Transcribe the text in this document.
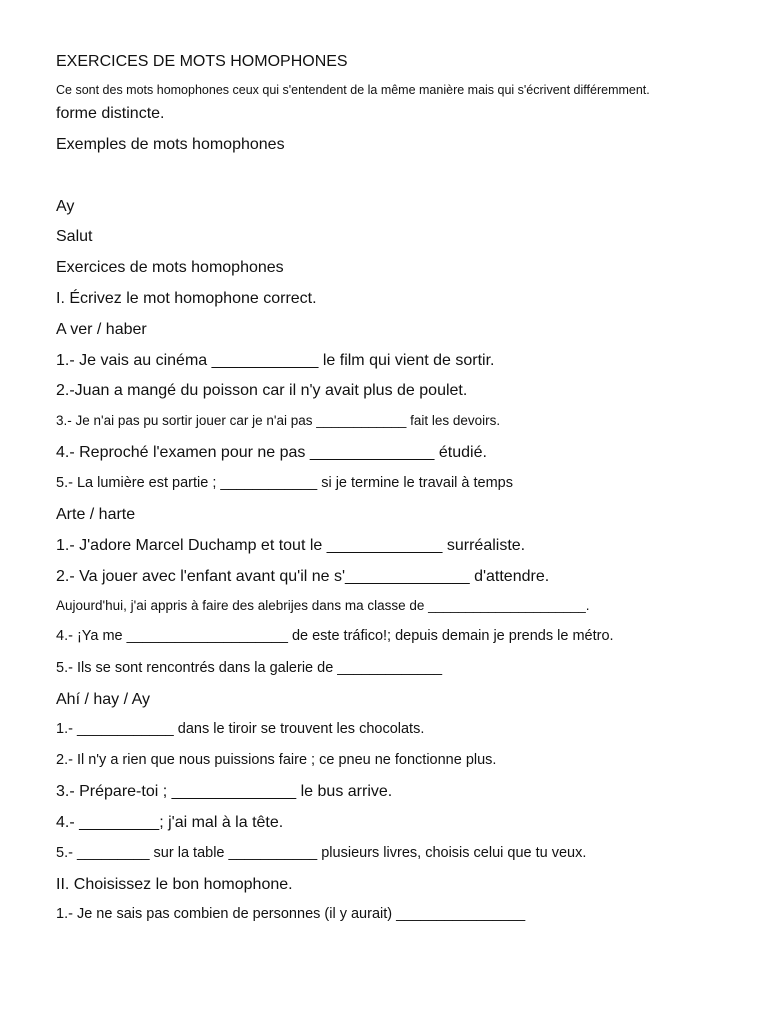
EXERCICES DE MOTS HOMOPHONES
Ce sont des mots homophones ceux qui s'entendent de la même manière mais qui s'écrivent différemment.
forme distincte.
Exemples de mots homophones
Ay
Salut
Exercices de mots homophones
I. Écrivez le mot homophone correct.
A ver / haber
1.- Je vais au cinéma ____________ le film qui vient de sortir.
2.-Juan a mangé du poisson car il n'y avait plus de poulet.
3.- Je n'ai pas pu sortir jouer car je n'ai pas ____________ fait les devoirs.
4.- Reproché l'examen pour ne pas ______________ étudié.
5.- La lumière est partie ; ____________ si je termine le travail à temps
Arte / harte
1.- J'adore Marcel Duchamp et tout le _____________ surréaliste.
2.- Va jouer avec l'enfant avant qu'il ne s'______________ d'attendre.
Aujourd'hui, j'ai appris à faire des alebrijes dans ma classe de _____________________.
4.- ¡Ya me ____________________ de este tráfico!; depuis demain je prends le métro.
5.- Ils se sont rencontrés dans la galerie de _____________
Ahí / hay / Ay
1.- ____________ dans le tiroir se trouvent les chocolats.
2.- Il n'y a rien que nous puissions faire ; ce pneu ne fonctionne plus.
3.- Prépare-toi ; ______________ le bus arrive.
4.- _________; j'ai mal à la tête.
5.- _________ sur la table ___________ plusieurs livres, choisis celui que tu veux.
II. Choisissez le bon homophone.
1.- Je ne sais pas combien de personnes (il y aurait) ________________
